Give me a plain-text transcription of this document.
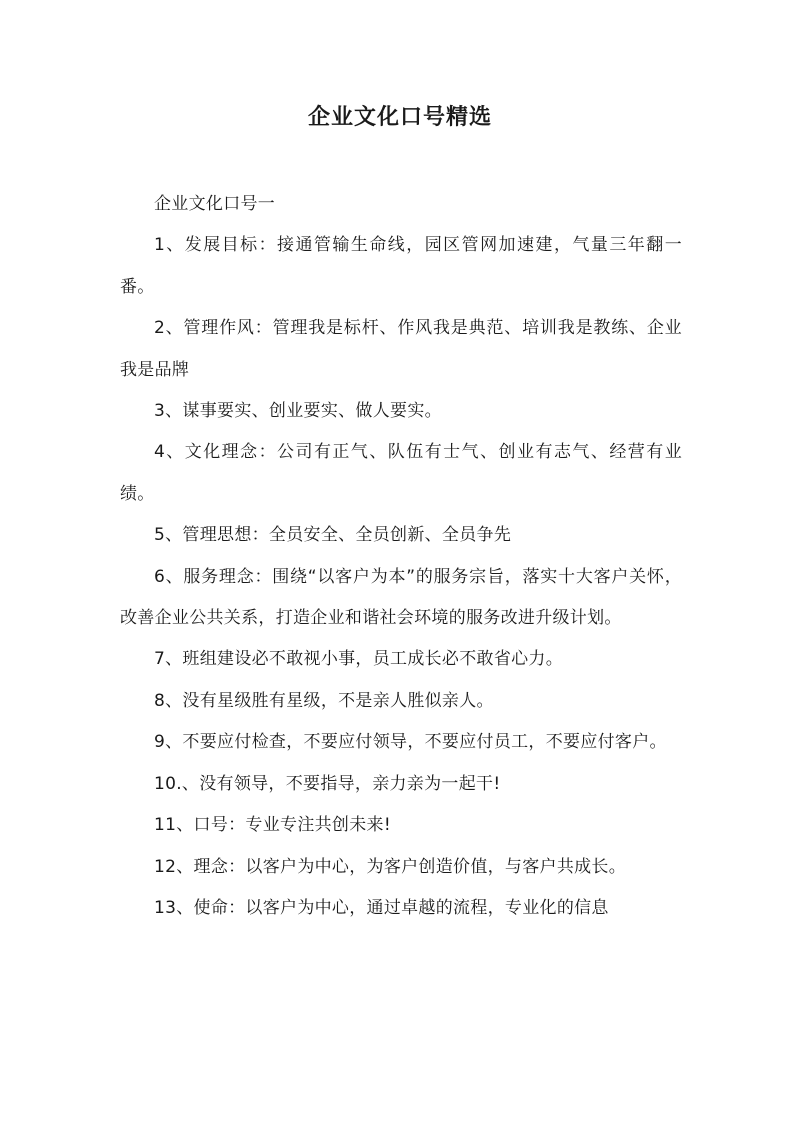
企业文化口号精选

企业文化口号一

1、发展目标：接通管输生命线，园区管网加速建，气量三年翻一番。

2、管理作风：管理我是标杆、作风我是典范、培训我是教练、企业我是品牌

3、谋事要实、创业要实、做人要实。

4、文化理念：公司有正气、队伍有士气、创业有志气、经营有业绩。

5、管理思想：全员安全、全员创新、全员争先

6、服务理念：围绕“以客户为本”的服务宗旨，落实十大客户关怀，改善企业公共关系，打造企业和谐社会环境的服务改进升级计划。

7、班组建设必不敢视小事，员工成长必不敢省心力。

8、没有星级胜有星级，不是亲人胜似亲人。

9、不要应付检查，不要应付领导，不要应付员工，不要应付客户。

10.、没有领导，不要指导，亲力亲为一起干!

11、口号：专业专注共创未来!

12、理念：以客户为中心，为客户创造价值，与客户共成长。

13、使命：以客户为中心，通过卓越的流程，专业化的信息
